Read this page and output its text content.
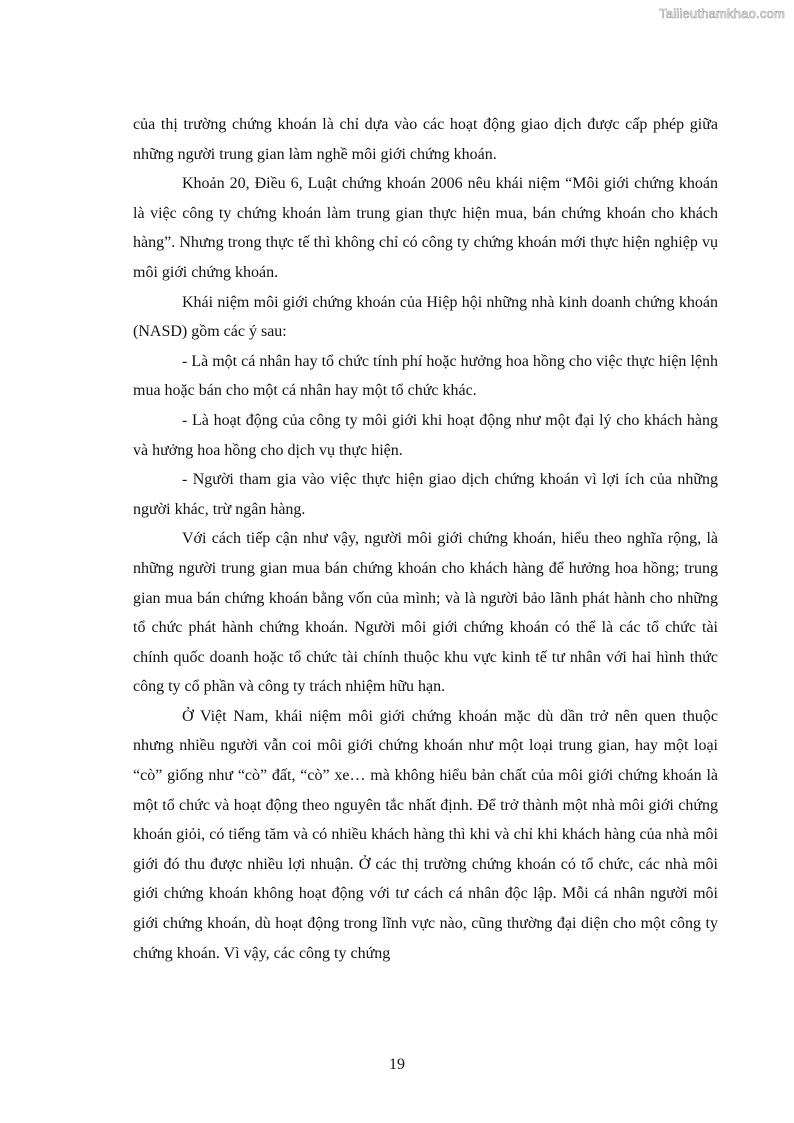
Tailieuthamkhao.com

của thị trường chứng khoán là chỉ dựa vào các hoạt động giao dịch được cấp phép giữa những người trung gian làm nghề môi giới chứng khoán.

Khoản 20, Điều 6, Luật chứng khoán 2006 nêu khái niệm “Môi giới chứng khoán là việc công ty chứng khoán làm trung gian thực hiện mua, bán chứng khoán cho khách hàng”. Nhưng trong thực tế thì không chỉ có công ty chứng khoán mới thực hiện nghiệp vụ môi giới chứng khoán.

Khái niệm môi giới chứng khoán của Hiệp hội những nhà kinh doanh chứng khoán (NASD) gồm các ý sau:

- Là một cá nhân hay tổ chức tính phí hoặc hưởng hoa hồng cho việc thực hiện lệnh mua hoặc bán cho một cá nhân hay một tổ chức khác.

- Là hoạt động của công ty môi giới khi hoạt động như một đại lý cho khách hàng và hưởng hoa hồng cho dịch vụ thực hiện.

- Người tham gia vào việc thực hiện giao dịch chứng khoán vì lợi ích của những người khác, trừ ngân hàng.

Với cách tiếp cận như vậy, người môi giới chứng khoán, hiểu theo nghĩa rộng, là những người trung gian mua bán chứng khoán cho khách hàng để hưởng hoa hồng; trung gian mua bán chứng khoán bằng vốn của mình; và là người bảo lãnh phát hành cho những tổ chức phát hành chứng khoán. Người môi giới chứng khoán có thể là các tổ chức tài chính quốc doanh hoặc tổ chức tài chính thuộc khu vực kinh tế tư nhân với hai hình thức công ty cổ phần và công ty trách nhiệm hữu hạn.

Ở Việt Nam, khái niệm môi giới chứng khoán mặc dù dần trở nên quen thuộc nhưng nhiều người vẫn coi môi giới chứng khoán như một loại trung gian, hay một loại “cò” giống như “cò” đất, “cò” xe… mà không hiểu bản chất của môi giới chứng khoán là một tổ chức và hoạt động theo nguyên tắc nhất định. Để trở thành một nhà môi giới chứng khoán giỏi, có tiếng tăm và có nhiều khách hàng thì khi và chỉ khi khách hàng của nhà môi giới đó thu được nhiều lợi nhuận. Ở các thị trường chứng khoán có tổ chức, các nhà môi giới chứng khoán không hoạt động với tư cách cá nhân độc lập. Mỗi cá nhân người môi giới chứng khoán, dù hoạt động trong lĩnh vực nào, cũng thường đại diện cho một công ty chứng khoán. Vì vậy, các công ty chứng

19
